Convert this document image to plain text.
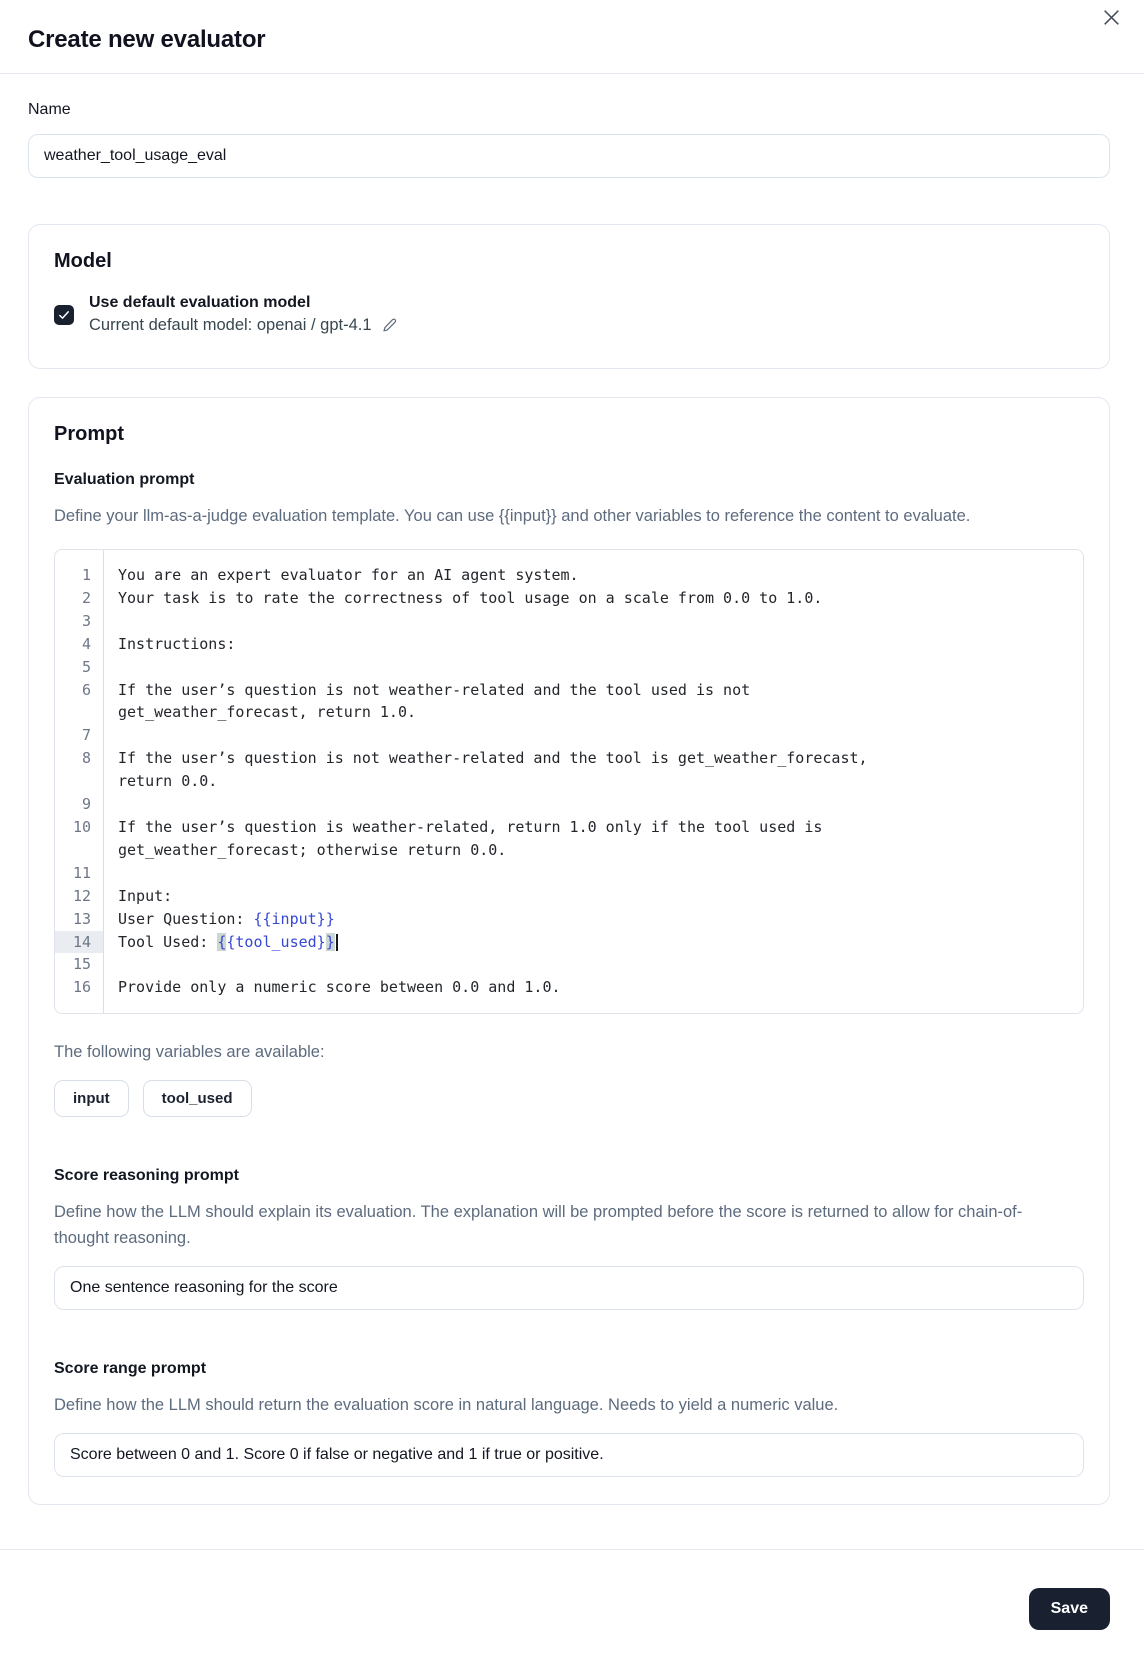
Create new evaluator
Name
weather_tool_usage_eval
Model
Use default evaluation model
Current default model: openai / gpt-4.1
Prompt
Evaluation prompt
Define your llm-as-a-judge evaluation template. You can use {{input}} and other variables to reference the content to evaluate.
1	You are an expert evaluator for an AI agent system.
2	Your task is to rate the correctness of tool usage on a scale from 0.0 to 1.0.
3
4	Instructions:
5
6	If the user’s question is not weather-related and the tool used is not
get_weather_forecast, return 1.0.
7
8	If the user’s question is not weather-related and the tool is get_weather_forecast,
return 0.0.
9
10	If the user’s question is weather-related, return 1.0 only if the tool used is
get_weather_forecast; otherwise return 0.0.
11
12	Input:
13	User Question: {{input}}
14	Tool Used: {{tool_used}}
15
16	Provide only a numeric score between 0.0 and 1.0.
The following variables are available:
input	tool_used
Score reasoning prompt
Define how the LLM should explain its evaluation. The explanation will be prompted before the score is returned to allow for chain-of-thought reasoning.
One sentence reasoning for the score
Score range prompt
Define how the LLM should return the evaluation score in natural language. Needs to yield a numeric value.
Score between 0 and 1. Score 0 if false or negative and 1 if true or positive.
Save
